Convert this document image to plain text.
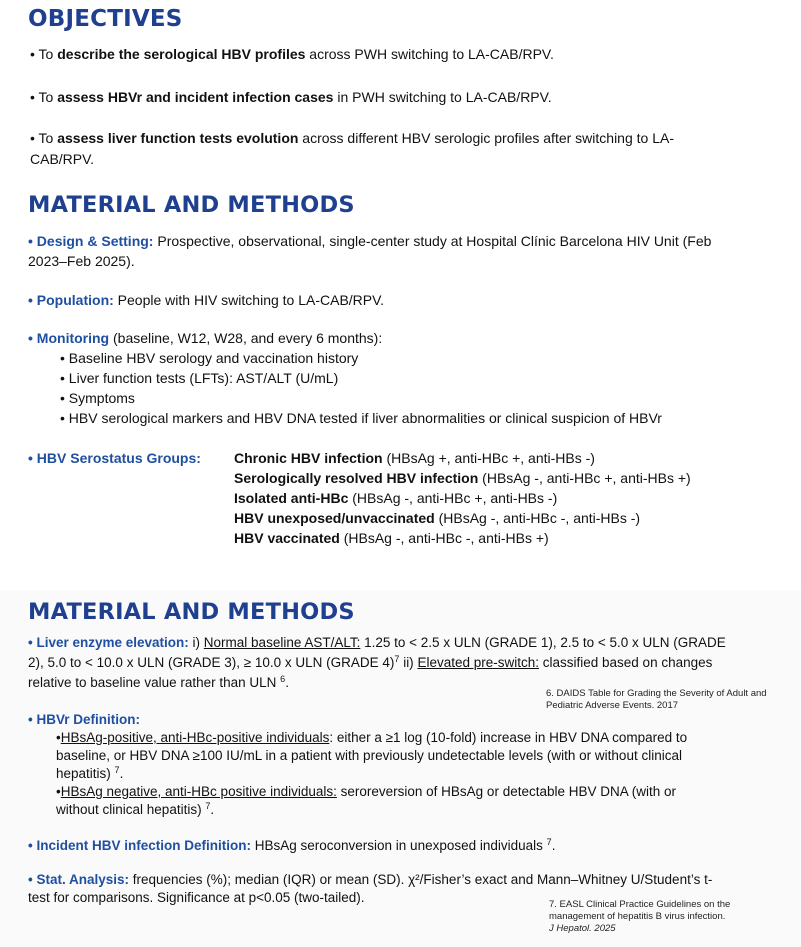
OBJECTIVES
• To describe the serological HBV profiles across PWH switching to LA-CAB/RPV.
• To assess HBVr and incident infection cases in PWH switching to LA-CAB/RPV.
• To assess liver function tests evolution across different HBV serologic profiles after switching to LA-
CAB/RPV.
MATERIAL AND METHODS
• Design & Setting: Prospective, observational, single-center study at Hospital Clínic Barcelona HIV Unit (Feb
2023–Feb 2025).
• Population: People with HIV switching to LA-CAB/RPV.
• Monitoring (baseline, W12, W28, and every 6 months):
• Baseline HBV serology and vaccination history
• Liver function tests (LFTs): AST/ALT (U/mL)
• Symptoms
• HBV serological markers and HBV DNA tested if liver abnormalities or clinical suspicion of HBVr
• HBV Serostatus Groups: Chronic HBV infection (HBsAg +, anti-HBc +, anti-HBs -)
Serologically resolved HBV infection (HBsAg -, anti-HBc +, anti-HBs +)
Isolated anti-HBc (HBsAg -, anti-HBc +, anti-HBs -)
HBV unexposed/unvaccinated (HBsAg -, anti-HBc -, anti-HBs -)
HBV vaccinated (HBsAg -, anti-HBc -, anti-HBs +)
MATERIAL AND METHODS
• Liver enzyme elevation: i) Normal baseline AST/ALT: 1.25 to < 2.5 x ULN (GRADE 1), 2.5 to < 5.0 x ULN (GRADE
2), 5.0 to < 10.0 x ULN (GRADE 3), ≥ 10.0 x ULN (GRADE 4)$^7$ ii) Elevated pre-switch: classified based on changes
relative to baseline value rather than ULN $^6$.
6. DAIDS Table for Grading the Severity of Adult and
Pediatric Adverse Events. 2017
• HBVr Definition:
•HBsAg-positive, anti-HBc-positive individuals: either a ≥1 log (10-fold) increase in HBV DNA compared to
baseline, or HBV DNA ≥100 IU/mL in a patient with previously undetectable levels (with or without clinical
hepatitis) $^7$.
•HBsAg negative, anti-HBc positive individuals: seroreversion of HBsAg or detectable HBV DNA (with or
without clinical hepatitis) $^7$.
• Incident HBV infection Definition: HBsAg seroconversion in unexposed individuals $^7$.
• Stat. Analysis: frequencies (%); median (IQR) or mean (SD). χ²/Fisher’s exact and Mann–Whitney U/Student’s t-
test for comparisons. Significance at p<0.05 (two-tailed).	7. EASL Clinical Practice Guidelines on the
management of hepatitis B virus infection.
J Hepatol. 2025
